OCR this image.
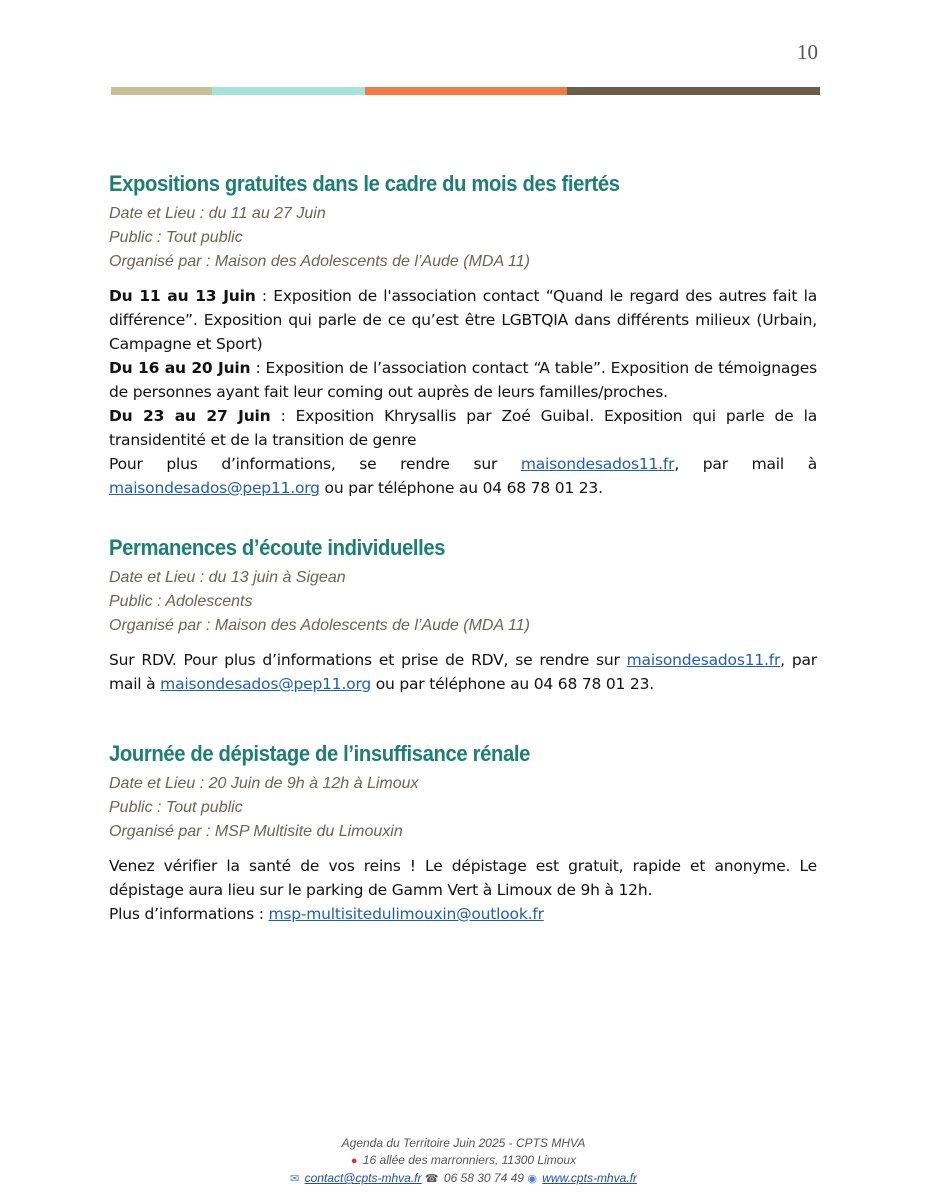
10
Expositions gratuites dans le cadre du mois des fiertés

Date et Lieu : du 11 au 27 Juin

Public : Tout public

Organisé par : Maison des Adolescents de l’Aude (MDA 11)

Du 11 au 13 Juin : Exposition de l'association contact “Quand le regard des autres fait la différence”. Exposition qui parle de ce qu’est être LGBTQIA dans différents milieux (Urbain, Campagne et Sport)

Du 16 au 20 Juin : Exposition de l’association contact “A table”. Exposition de témoignages de personnes ayant fait leur coming out auprès de leurs familles/proches.

Du 23 au 27 Juin : Exposition Khrysallis par Zoé Guibal. Exposition qui parle de la transidentité et de la transition de genre

Pour plus d’informations, se rendre sur maisondesados11.fr, par mail à maisondesados@pep11.org ou par téléphone au 04 68 78 01 23.

Permanences d’écoute individuelles

Date et Lieu : du 13 juin à Sigean

Public : Adolescents

Organisé par : Maison des Adolescents de l’Aude (MDA 11)

Sur RDV. Pour plus d’informations et prise de RDV, se rendre sur maisondesados11.fr, par mail à maisondesados@pep11.org ou par téléphone au 04 68 78 01 23.

Journée de dépistage de l’insuffisance rénale

Date et Lieu : 20 Juin de 9h à 12h à Limoux

Public : Tout public

Organisé par : MSP Multisite du Limouxin

Venez vérifier la santé de vos reins ! Le dépistage est gratuit, rapide et anonyme. Le dépistage aura lieu sur le parking de Gamm Vert à Limoux de 9h à 12h.

Plus d’informations : msp-multisitedulimouxin@outlook.fr

Agenda du Territoire Juin 2025 - CPTS MHVA
● 16 allée des marronniers, 11300 Limoux
✉ contact@cpts-mhva.fr ☎ 06 58 30 74 49 ◉ www.cpts-mhva.fr
